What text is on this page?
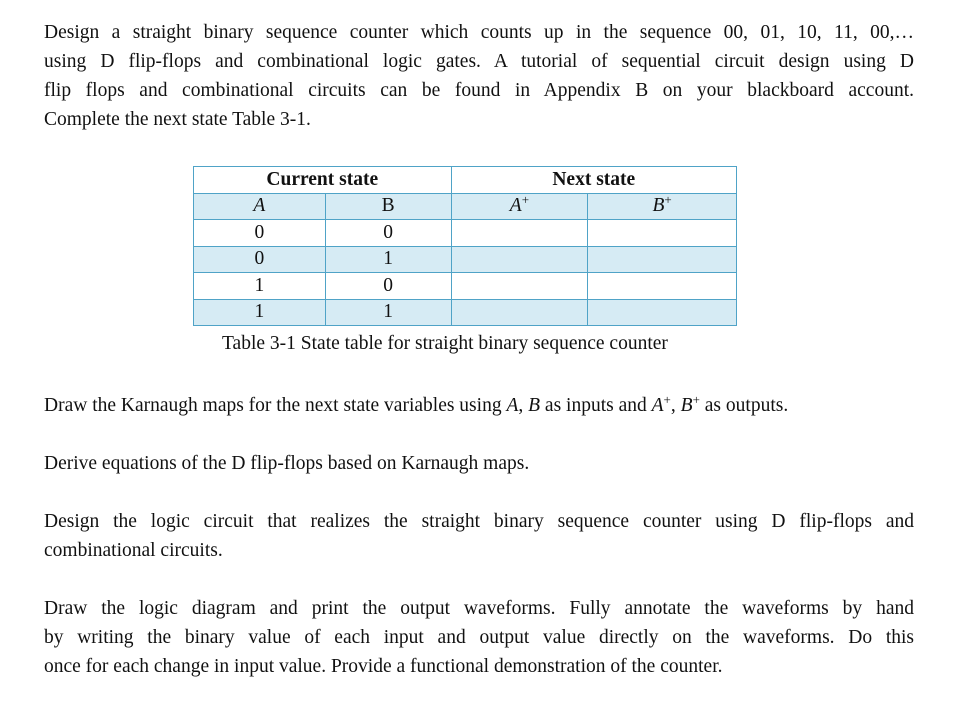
Design a straight binary sequence counter which counts up in the sequence 00, 01, 10, 11, 00,…
using D flip-flops and combinational logic gates. A tutorial of sequential circuit design using D
flip flops and combinational circuits can be found in Appendix B on your blackboard account.
Complete the next state Table 3-1.

Current state		Next state	
A	B	A+	B+
0	0		
0	1		
1	0		
1	1		
Table 3-1 State table for straight binary sequence counter

Draw the Karnaugh maps for the next state variables using A, B as inputs and A+, B+ as outputs.

Derive equations of the D flip-flops based on Karnaugh maps.

Design the logic circuit that realizes the straight binary sequence counter using D flip-flops and
combinational circuits.

Draw the logic diagram and print the output waveforms. Fully annotate the waveforms by hand
by writing the binary value of each input and output value directly on the waveforms. Do this
once for each change in input value. Provide a functional demonstration of the counter.
